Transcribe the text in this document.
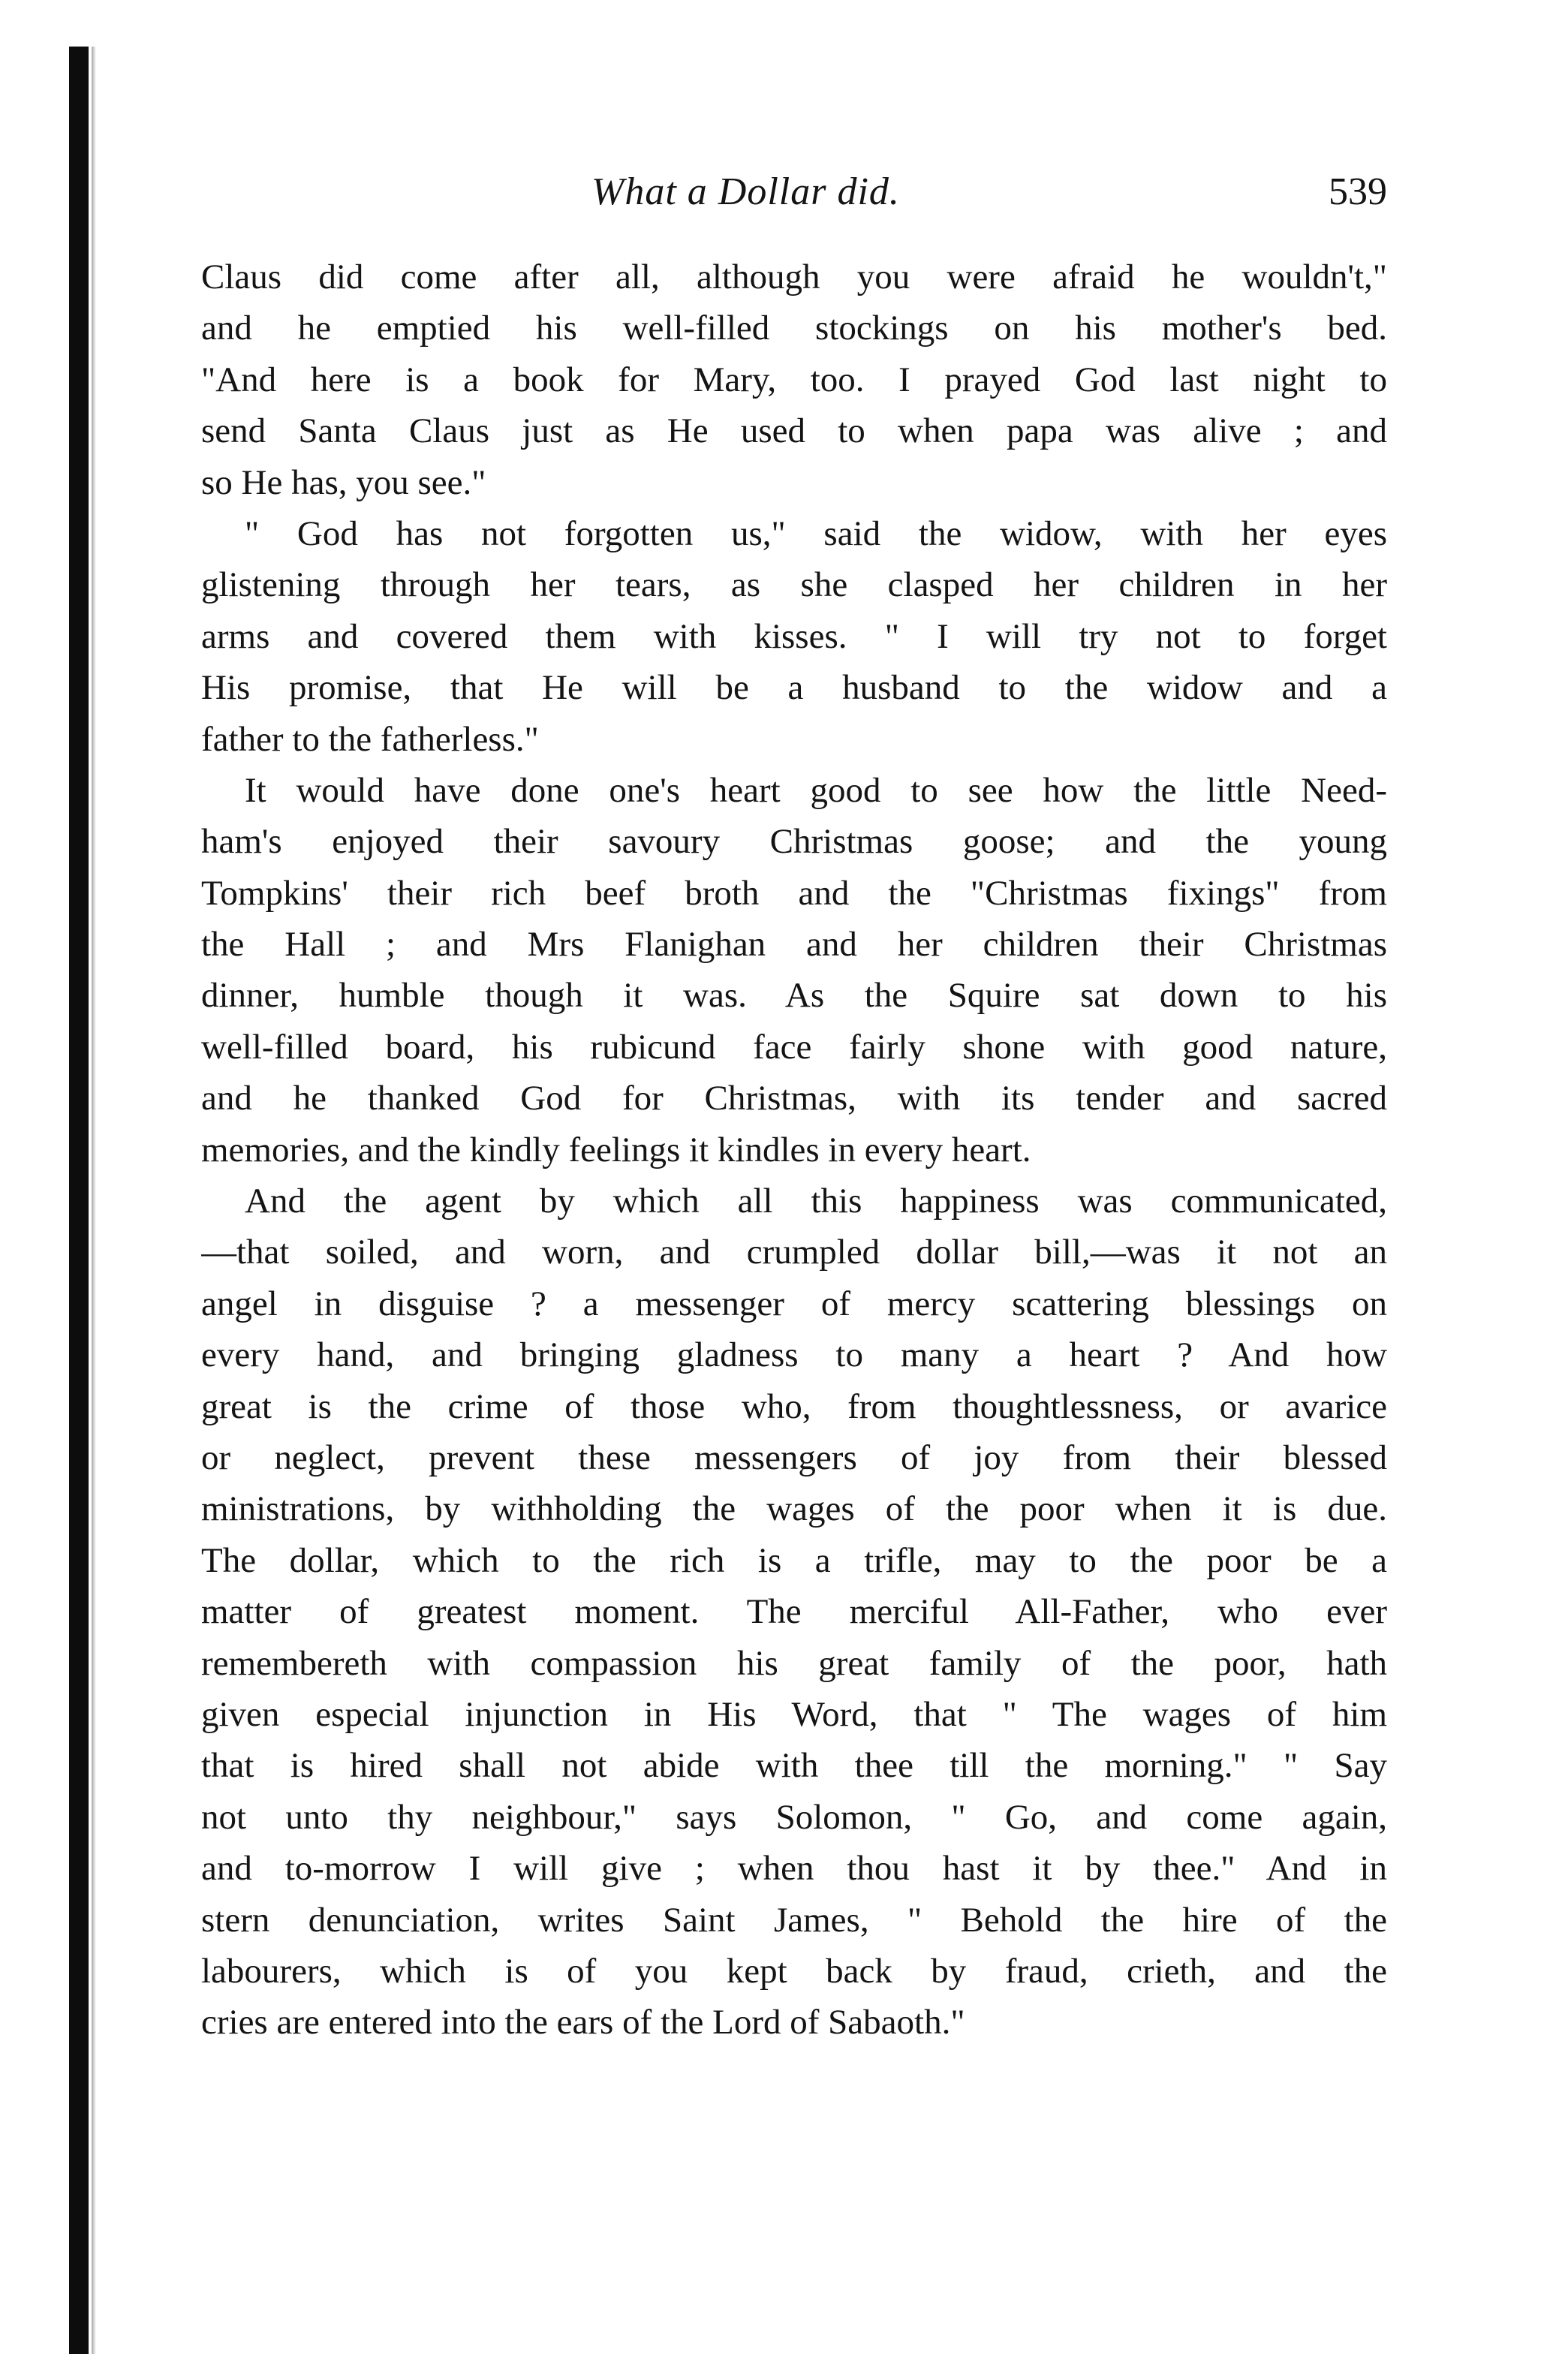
What a Dollar did.	539
Claus did come after all, although you were afraid he wouldn't,"
and he emptied his well-filled stockings on his mother's bed.
"And here is a book for Mary, too. I prayed God last night to
send Santa Claus just as He used to when papa was alive ; and
so He has, you see."
" God has not forgotten us," said the widow, with her eyes
glistening through her tears, as she clasped her children in her
arms and covered them with kisses. " I will try not to forget
His promise, that He will be a husband to the widow and a
father to the fatherless."
It would have done one's heart good to see how the little Need-
ham's enjoyed their savoury Christmas goose; and the young
Tompkins' their rich beef broth and the "Christmas fixings" from
the Hall ; and Mrs Flanighan and her children their Christmas
dinner, humble though it was. As the Squire sat down to his
well-filled board, his rubicund face fairly shone with good nature,
and he thanked God for Christmas, with its tender and sacred
memories, and the kindly feelings it kindles in every heart.
And the agent by which all this happiness was communicated,
—that soiled, and worn, and crumpled dollar bill,—was it not an
angel in disguise ? a messenger of mercy scattering blessings on
every hand, and bringing gladness to many a heart ? And how
great is the crime of those who, from thoughtlessness, or avarice
or neglect, prevent these messengers of joy from their blessed
ministrations, by withholding the wages of the poor when it is due.
The dollar, which to the rich is a trifle, may to the poor be a
matter of greatest moment. The merciful All-Father, who ever
remembereth with compassion his great family of the poor, hath
given especial injunction in His Word, that " The wages of him
that is hired shall not abide with thee till the morning." " Say
not unto thy neighbour," says Solomon, " Go, and come again,
and to-morrow I will give ; when thou hast it by thee." And in
stern denunciation, writes Saint James, " Behold the hire of the
labourers, which is of you kept back by fraud, crieth, and the
cries are entered into the ears of the Lord of Sabaoth."
